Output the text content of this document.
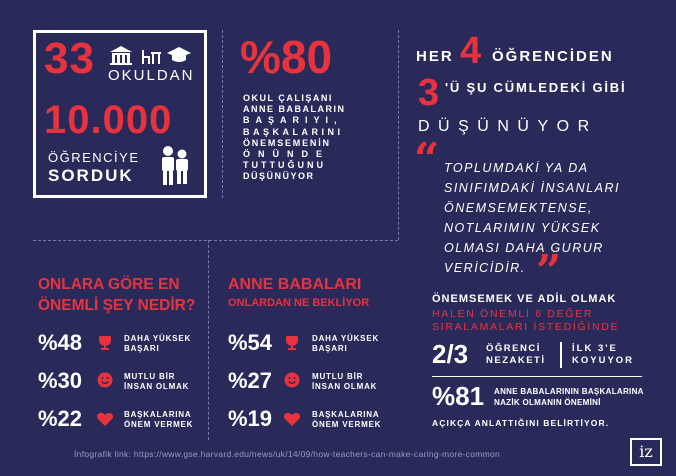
33 OKULDAN
10.000
ÖĞRENCİYE
SORDUK
%80
OKUL ÇALIŞANI
ANNE BABALARIN
BAŞARIYI,
BAŞKALARINI
ÖNEMSEMENİN
ÖNÜNDE
TUTTUĞUNU
DÜŞÜNÜYOR
HER 4 ÖĞRENCİDEN
3 'Ü ŞU CÜMLEDEKİ GİBİ
DÜŞÜNÜYOR
“ TOPLUMDAKİ YA DA
SINIFIMDAKİ İNSANLARI
ÖNEMSEMEKTENSE,
NOTLARIMIN YÜKSEK
OLMASI DAHA GURUR
VERİCİDİR. ”
ONLARA GÖRE EN
ÖNEMLİ ŞEY NEDİR?
%48	DAHA YÜKSEK
BAŞARI
%30	MUTLU BİR
İNSAN OLMAK
%22	BAŞKALARINA
ÖNEM VERMEK
ANNE BABALARI
ONLARDAN NE BEKLİYOR
%54	DAHA YÜKSEK
BAŞARI
%27	MUTLU BİR
İNSAN OLMAK
%19	BAŞKALARINA
ÖNEM VERMEK
ÖNEMSEMEK VE ADİL OLMAK
HALEN ÖNEMLİ 6 DEĞER
SIRALAMALARI İSTEDİĞİNDE
2/3 ÖĞRENCİ
NEZAKETİ
İLK 3'E
KOYUYOR
%81 ANNE BABALARININ BAŞKALARINA
NAZİK OLMANIN ÖNEMİNİ
AÇIKÇA ANLATTIĞINI BELİRTİYOR.
İnfografik link: https://www.gse.harvard.edu/news/uk/14/09/how-teachers-can-make-caring-more-common	iz
